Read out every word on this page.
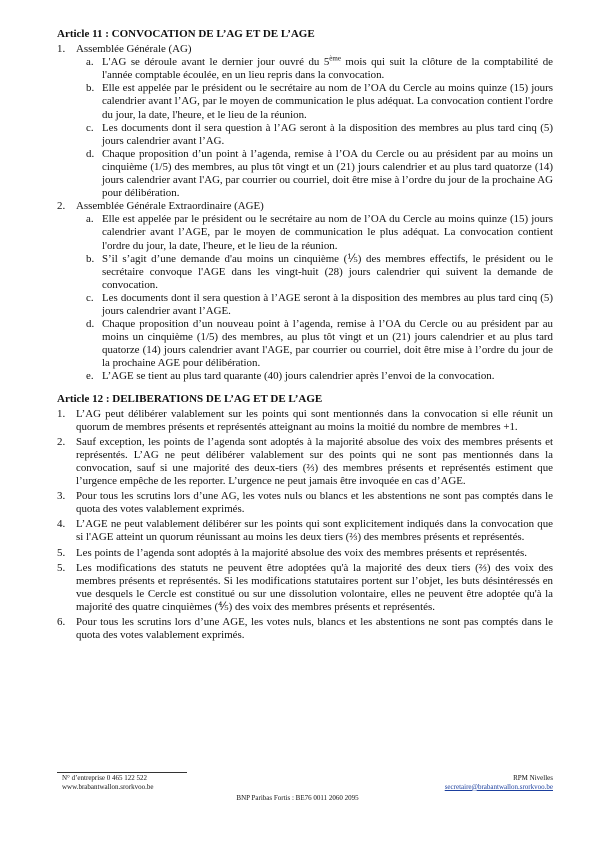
Article 11 : CONVOCATION DE L’AG ET DE L’AGE
1. Assemblée Générale (AG)
a. L'AG se déroule avant le dernier jour ouvré du 5ème mois qui suit la clôture de la comptabilité de l'année comptable écoulée, en un lieu repris dans la convocation.
b. Elle est appelée par le président ou le secrétaire au nom de l’OA du Cercle au moins quinze (15) jours calendrier avant l’AG, par le moyen de communication le plus adéquat. La convocation contient l'ordre du jour, la date, l'heure, et le lieu de la réunion.
c. Les documents dont il sera question à l’AG seront à la disposition des membres au plus tard cinq (5) jours calendrier avant l’AG.
d. Chaque proposition d’un point à l’agenda, remise à l’OA du Cercle ou au président par au moins un cinquième (1/5) des membres, au plus tôt vingt et un (21) jours calendrier et au plus tard quatorze (14) jours calendrier avant l'AG, par courrier ou courriel, doit être mise à l’ordre du jour de la prochaine AG pour délibération.
2. Assemblée Générale Extraordinaire (AGE)
a. Elle est appelée par le président ou le secrétaire au nom de l’OA du Cercle au moins quinze (15) jours calendrier avant l’AGE, par le moyen de communication le plus adéquat. La convocation contient l'ordre du jour, la date, l'heure, et le lieu de la réunion.
b. S’il s’agit d’une demande d'au moins un cinquième (⅕) des membres effectifs, le président ou le secrétaire convoque l'AGE dans les vingt-huit (28) jours calendrier qui suivent la demande de convocation.
c. Les documents dont il sera question à l’AGE seront à la disposition des membres au plus tard cinq (5) jours calendrier avant l’AGE.
d. Chaque proposition d’un nouveau point à l’agenda, remise à l’OA du Cercle ou au président par au moins un cinquième (1/5) des membres, au plus tôt vingt et un (21) jours calendrier et au plus tard quatorze (14) jours calendrier avant l'AGE, par courrier ou courriel, doit être mise à l’ordre du jour de la prochaine AGE pour délibération.
e. L’AGE se tient au plus tard quarante (40) jours calendrier après l’envoi de la convocation.
Article 12 : DELIBERATIONS DE L’AG ET DE L’AGE
1. L’AG peut délibérer valablement sur les points qui sont mentionnés dans la convocation si elle réunit un quorum de membres présents et représentés atteignant au moins la moitié du nombre de membres +1.
2. Sauf exception, les points de l’agenda sont adoptés à la majorité absolue des voix des membres présents et représentés. L’AG ne peut délibérer valablement sur des points qui ne sont pas mentionnés dans la convocation, sauf si une majorité des deux-tiers (⅔) des membres présents et représentés estiment que l’urgence empêche de les reporter. L’urgence ne peut jamais être invoquée en cas d’AGE.
3. Pour tous les scrutins lors d’une AG, les votes nuls ou blancs et les abstentions ne sont pas comptés dans le quota des votes valablement exprimés.
4. L’AGE ne peut valablement délibérer sur les points qui sont explicitement indiqués dans la convocation que si l'AGE atteint un quorum réunissant au moins les deux tiers (⅔) des membres présents et représentés.
5. Les points de l’agenda sont adoptés à la majorité absolue des voix des membres présents et représentés.
5. Les modifications des statuts ne peuvent être adoptées qu'à la majorité des deux tiers (⅔) des voix des membres présents et représentés. Si les modifications statutaires portent sur l’objet, les buts désintéressés en vue desquels le Cercle est constitué ou sur une dissolution volontaire, elles ne peuvent être adoptée qu'à la majorité des quatre cinquièmes (⅘) des voix des membres présents et représentés.
6. Pour tous les scrutins lors d’une AGE, les votes nuls, blancs et les abstentions ne sont pas comptés dans le quota des votes valablement exprimés.
N° d’entreprise 0 465 122 522
www.brabantwallon.srorkvoo.be
RPM Nivelles
secretaire@brabantwallon.srorkvoo.be
BNP Paribas Fortis : BE76 0011 2060 2095
